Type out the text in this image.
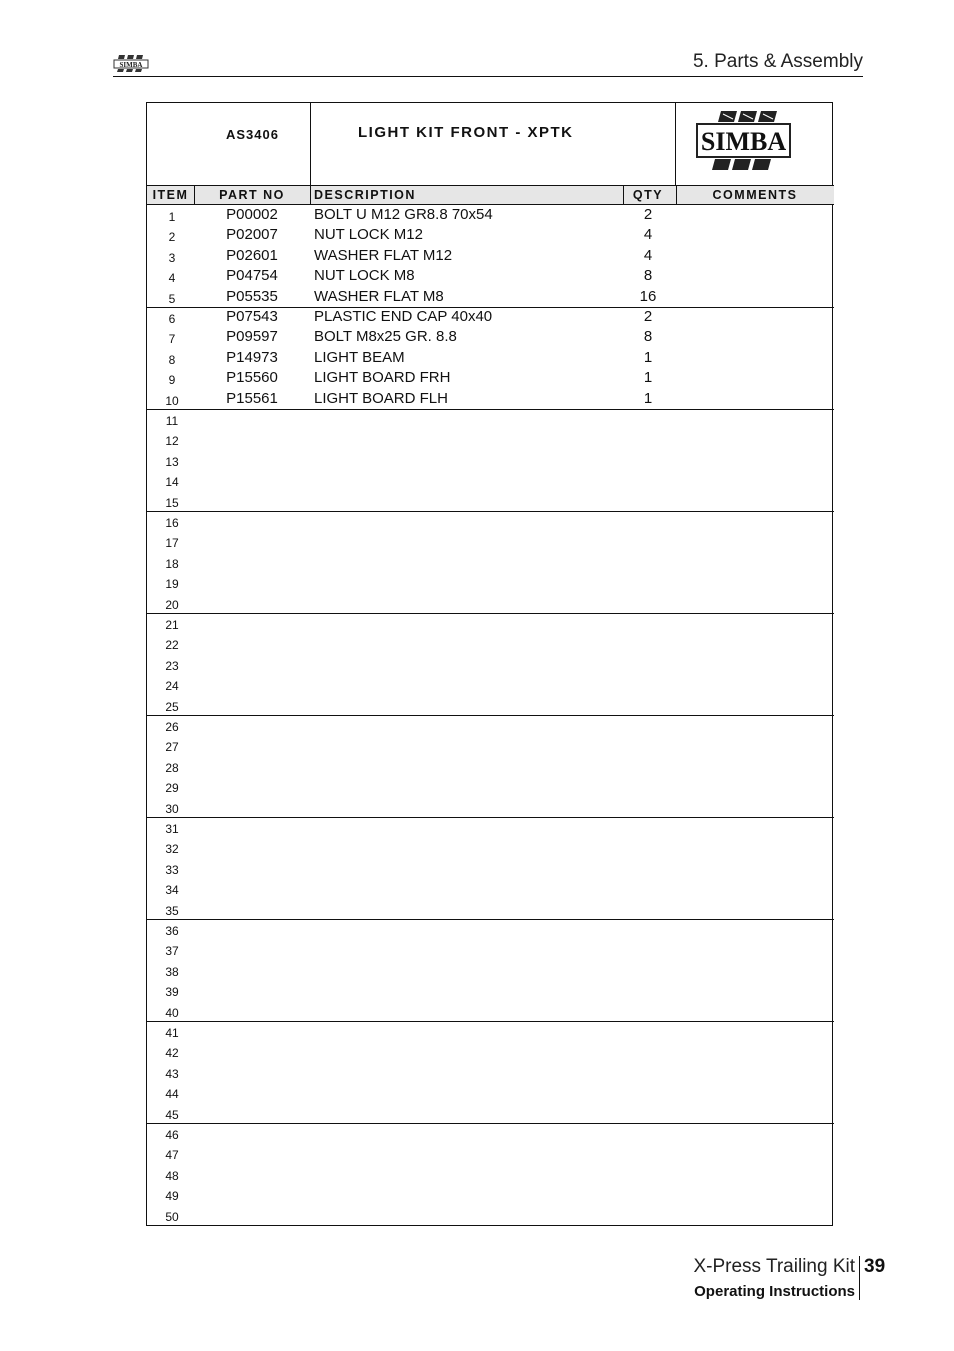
SIMBA	5. Parts & Assembly
AS3406	LIGHT KIT FRONT - XPTK	SIMBA
ITEM	PART NO	DESCRIPTION	QTY	COMMENTS
1	P00002	BOLT U M12 GR8.8 70x54	2
2	P02007	NUT LOCK M12	4
3	P02601	WASHER FLAT M12	4
4	P04754	NUT LOCK M8	8
5	P05535	WASHER FLAT M8	16
6	P07543	PLASTIC END CAP 40x40	2
7	P09597	BOLT M8x25 GR. 8.8	8
8	P14973	LIGHT BEAM	1
9	P15560	LIGHT BOARD FRH	1
10	P15561	LIGHT BOARD FLH	1
11
12
13
14
15
16
17
18
19
20
21
22
23
24
25
26
27
28
29
30
31
32
33
34
35
36
37
38
39
40
41
42
43
44
45
46
47
48
49
50
X-Press Trailing Kit
Operating Instructions
39
